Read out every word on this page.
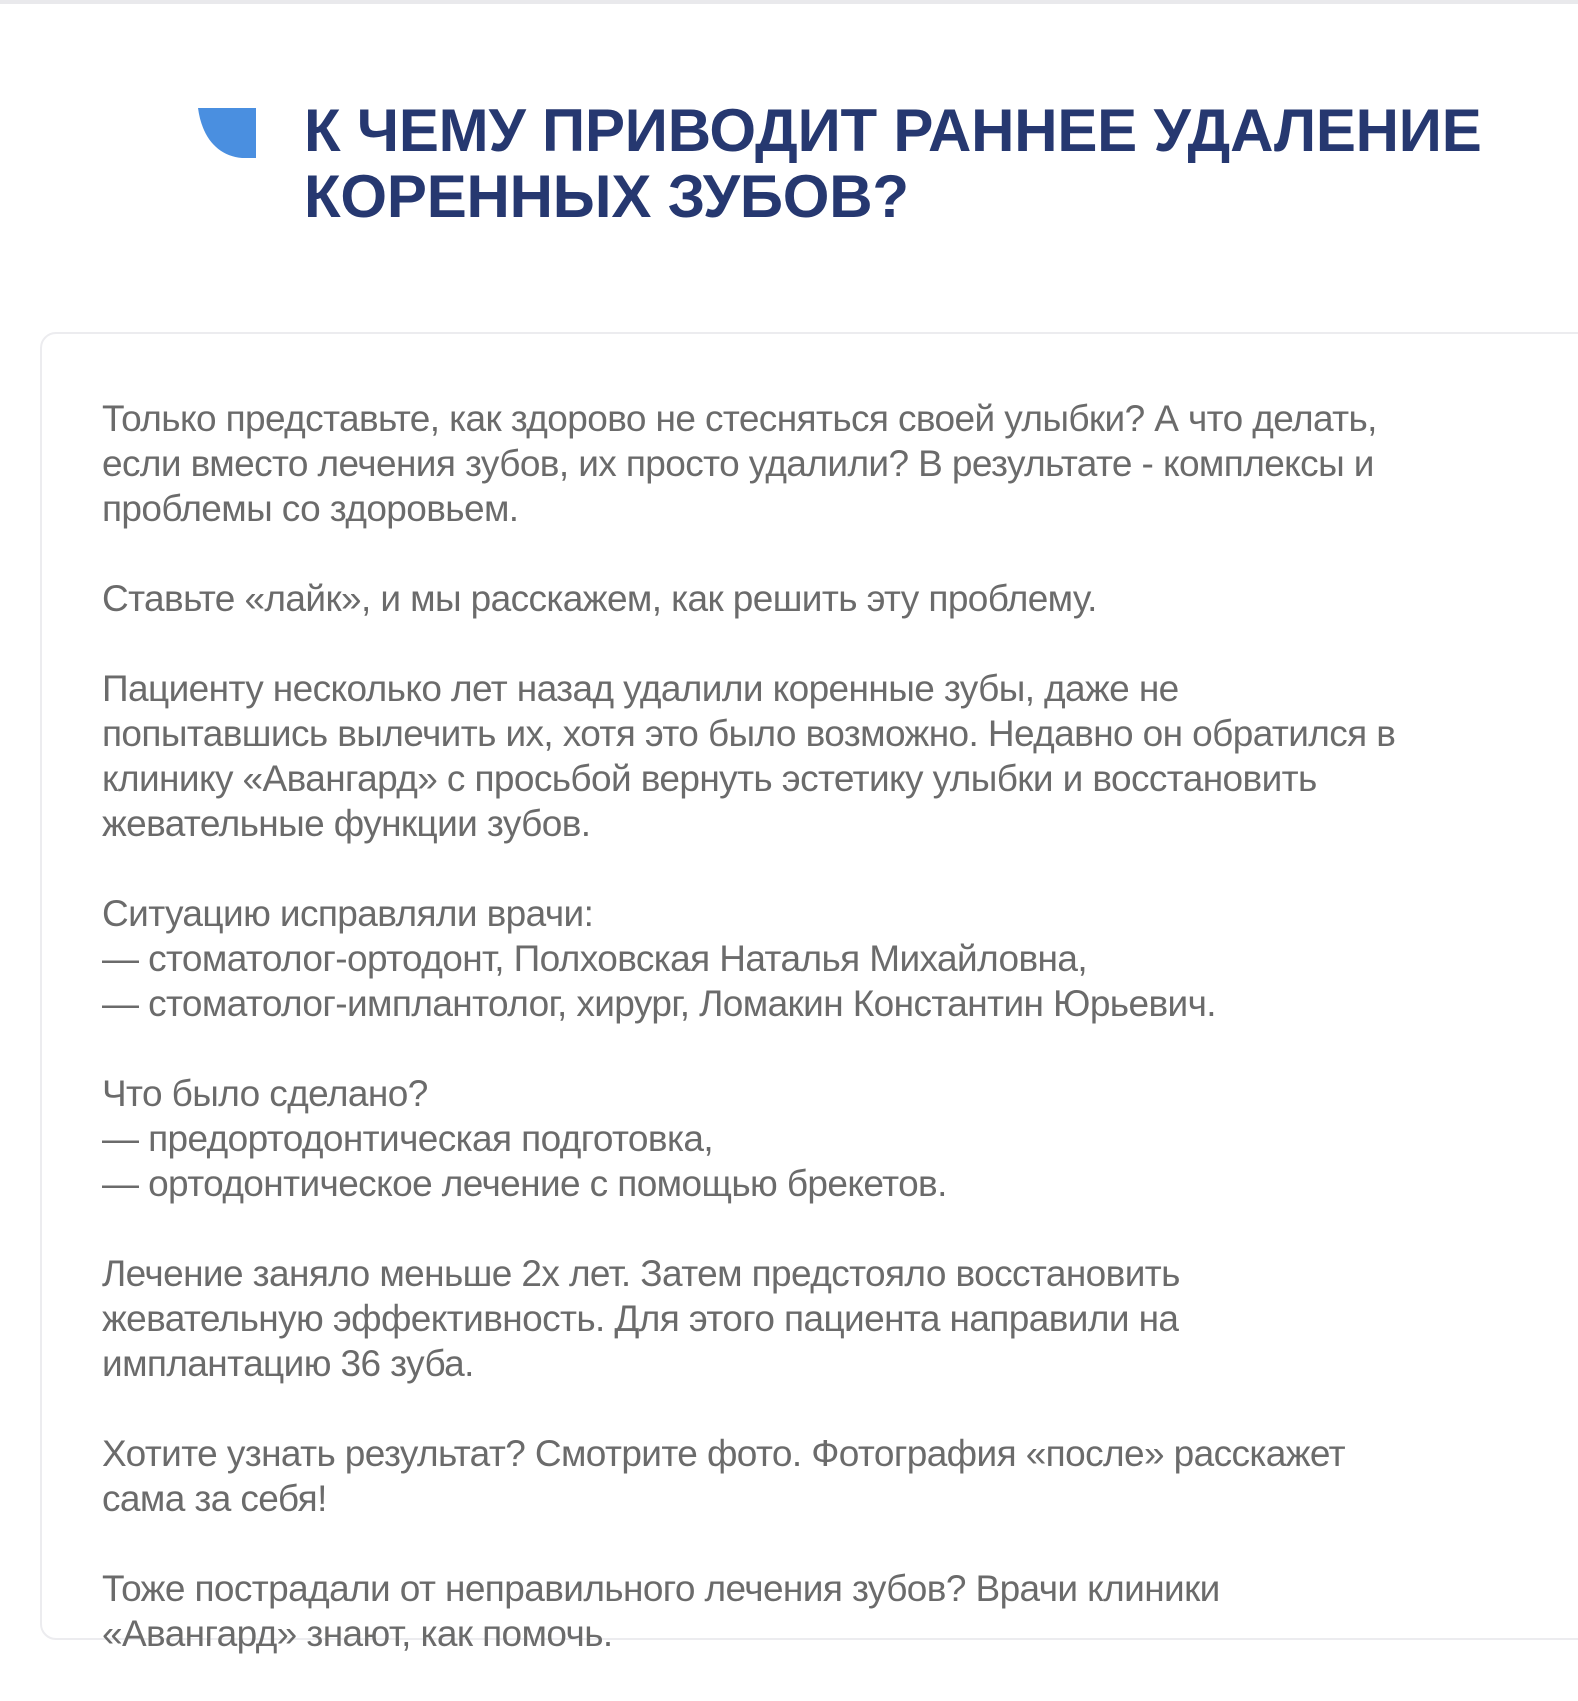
К ЧЕМУ ПРИВОДИТ РАННЕЕ УДАЛЕНИЕ
КОРЕННЫХ ЗУБОВ?

Только представьте, как здорово не стесняться своей улыбки? А что делать,
если вместо лечения зубов, их просто удалили? В результате - комплексы и
проблемы со здоровьем.

Ставьте «лайк», и мы расскажем, как решить эту проблему.

Пациенту несколько лет назад удалили коренные зубы, даже не
попытавшись вылечить их, хотя это было возможно. Недавно он обратился в
клинику «Авангард» с просьбой вернуть эстетику улыбки и восстановить
жевательные функции зубов.

Ситуацию исправляли врачи:
— стоматолог-ортодонт, Полховская Наталья Михайловна,
— стоматолог-имплантолог, хирург, Ломакин Константин Юрьевич.

Что было сделано?
— предортодонтическая подготовка,
— ортодонтическое лечение с помощью брекетов.

Лечение заняло меньше 2х лет. Затем предстояло восстановить
жевательную эффективность. Для этого пациента направили на
имплантацию 36 зуба.

Хотите узнать результат? Смотрите фото. Фотография «после» расскажет
сама за себя!

Тоже пострадали от неправильного лечения зубов? Врачи клиники
«Авангард» знают, как помочь.
